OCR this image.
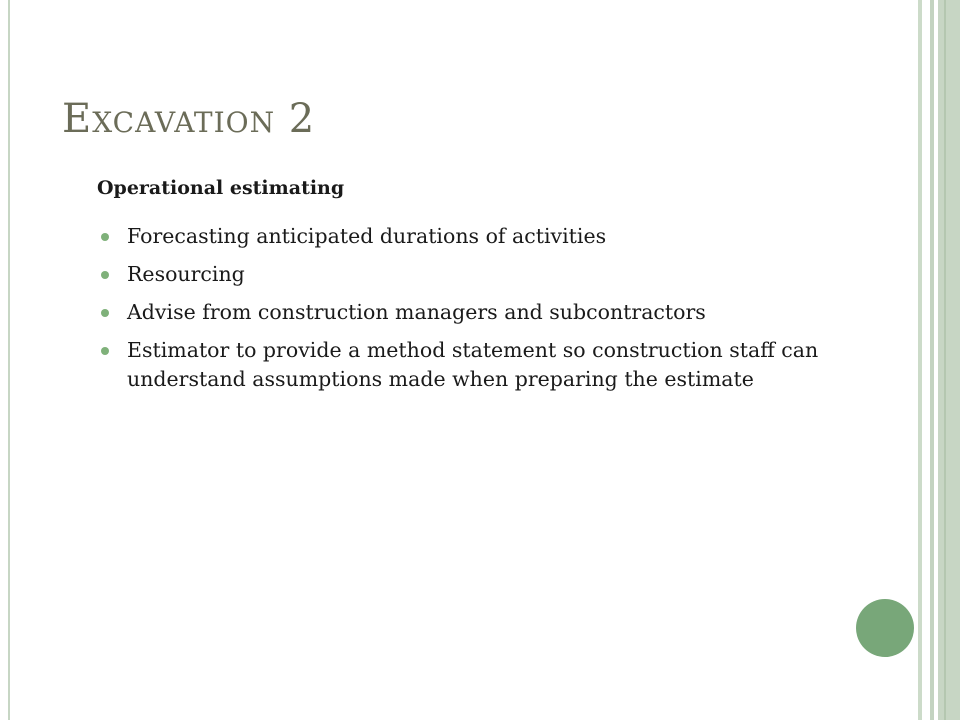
Excavation 2
Operational estimating
Forecasting anticipated durations of activities
Resourcing
Advise from construction managers and subcontractors
Estimator to provide a method statement so construction staff can understand assumptions made when preparing the estimate
